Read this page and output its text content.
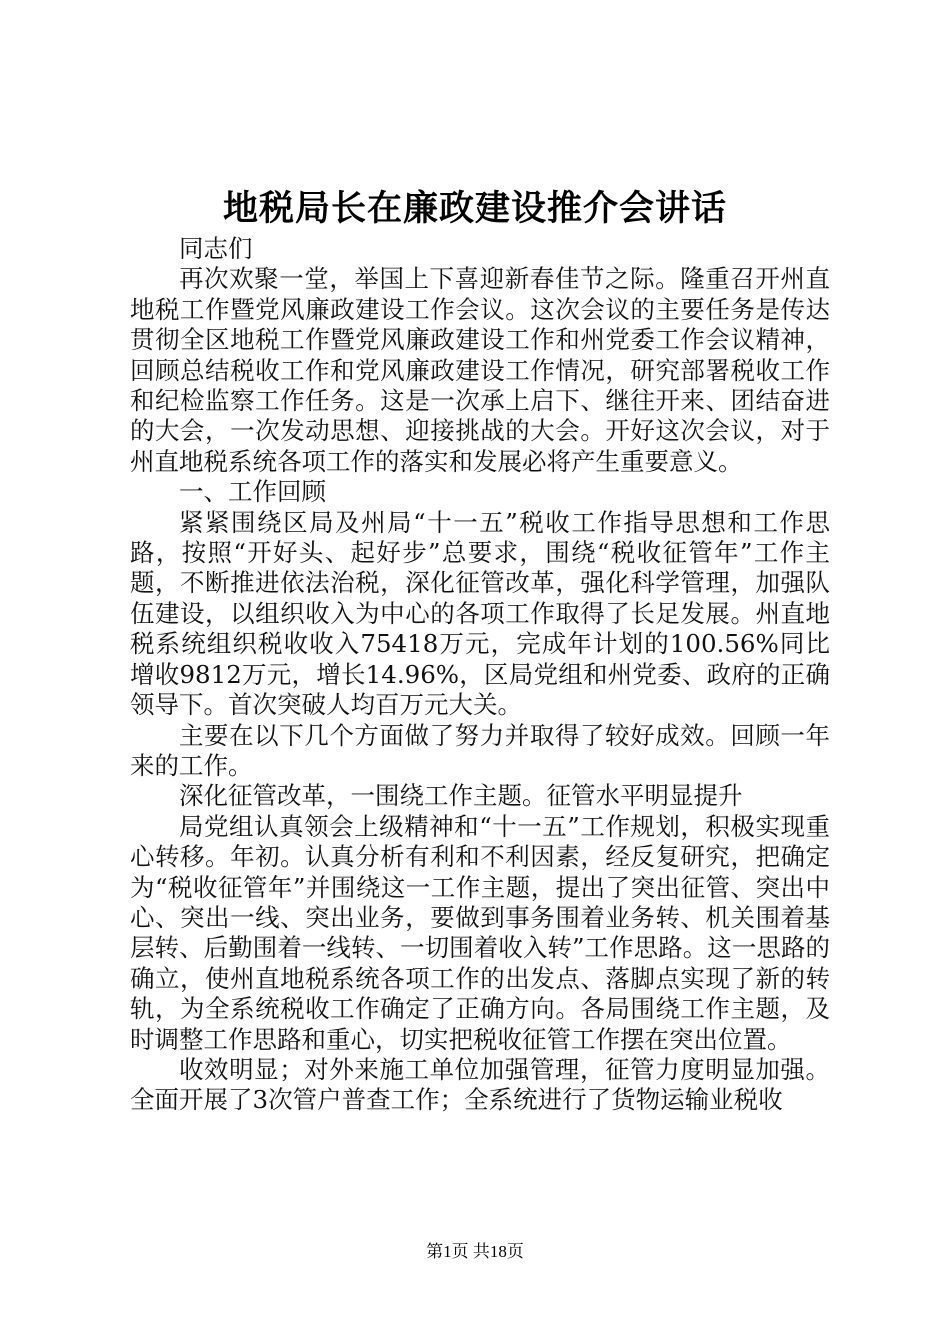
地税局长在廉政建设推介会讲话

同志们

再次欢聚一堂，举国上下喜迎新春佳节之际。隆重召开州直地税工作暨党风廉政建设工作会议。这次会议的主要任务是传达贯彻全区地税工作暨党风廉政建设工作和州党委工作会议精神，回顾总结税收工作和党风廉政建设工作情况，研究部署税收工作和纪检监察工作任务。这是一次承上启下、继往开来、团结奋进的大会，一次发动思想、迎接挑战的大会。开好这次会议，对于州直地税系统各项工作的落实和发展必将产生重要意义。

一、工作回顾

紧紧围绕区局及州局“十一五”税收工作指导思想和工作思路，按照“开好头、起好步”总要求，围绕“税收征管年”工作主题，不断推进依法治税，深化征管改革，强化科学管理，加强队伍建设，以组织收入为中心的各项工作取得了长足发展。州直地税系统组织税收收入75418万元，完成年计划的100.56%同比增收9812万元，增长14.96%，区局党组和州党委、政府的正确领导下。首次突破人均百万元大关。

主要在以下几个方面做了努力并取得了较好成效。回顾一年来的工作。

深化征管改革，一围绕工作主题。征管水平明显提升

局党组认真领会上级精神和“十一五”工作规划，积极实现重心转移。年初。认真分析有利和不利因素，经反复研究，把确定为“税收征管年”并围绕这一工作主题，提出了突出征管、突出中心、突出一线、突出业务，要做到事务围着业务转、机关围着基层转、后勤围着一线转、一切围着收入转”工作思路。这一思路的确立，使州直地税系统各项工作的出发点、落脚点实现了新的转轨，为全系统税收工作确定了正确方向。各局围绕工作主题，及时调整工作思路和重心，切实把税收征管工作摆在突出位置。

收效明显；对外来施工单位加强管理，征管力度明显加强。全面开展了3次管户普查工作；全系统进行了货物运输业税收

第1页 共18页
